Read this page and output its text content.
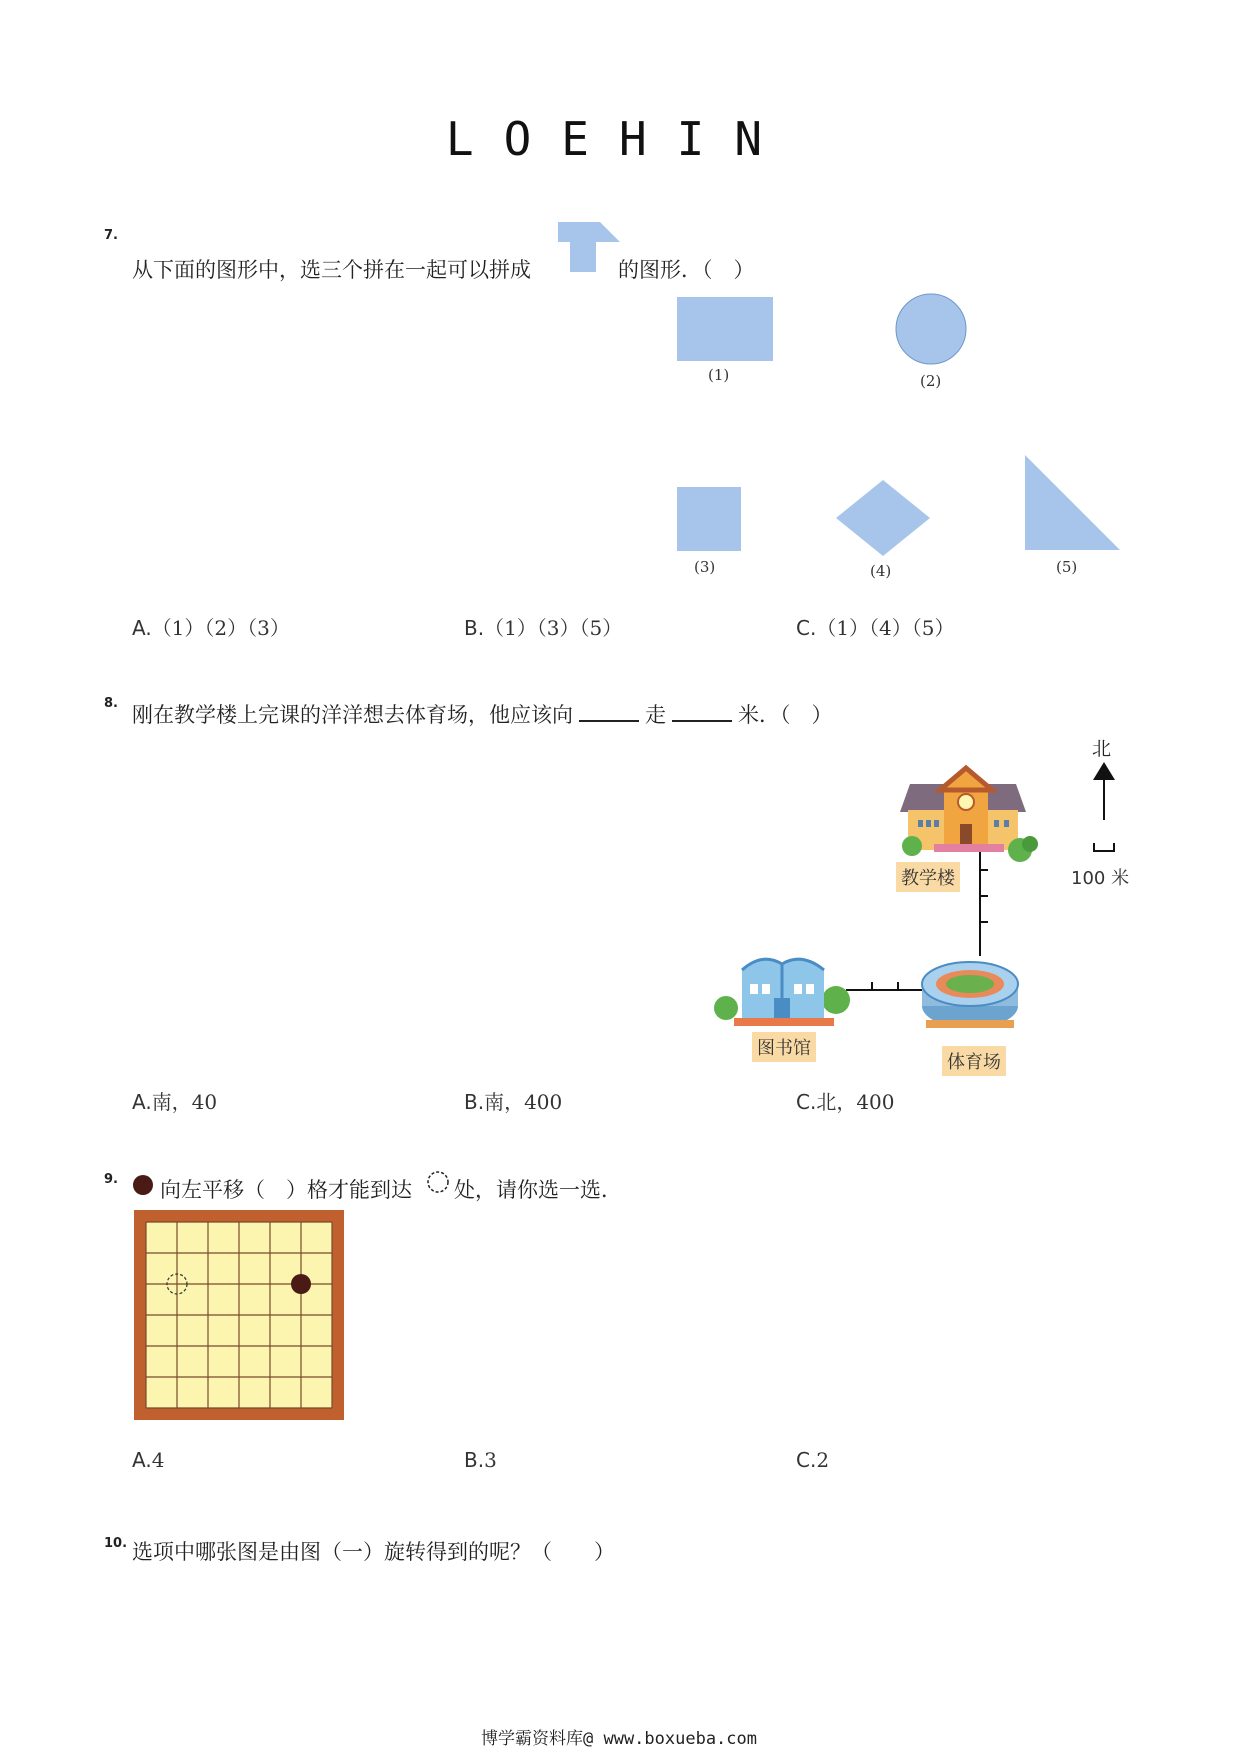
LOEHIN
7.
从下面的图形中，选三个拼在一起可以拼成	的图形．（　）
(1)	(2)
(3)	(4)	(5)
A.（1）（2）（3）	B.（1）（3）（5）	C.（1）（4）（5）
8. 刚在教学楼上完课的洋洋想去体育场，他应该向	走	米．（　）
北
100 米
教学楼
图书馆
体育场
A.南，40	B.南，400	C.北，400
9. 向左平移（　）格才能到达 处，请你选一选．
A.4	B.3	C.2
10. 选项中哪张图是由图（一）旋转得到的呢？（　　）
博学霸资料库@ www.boxueba.com
